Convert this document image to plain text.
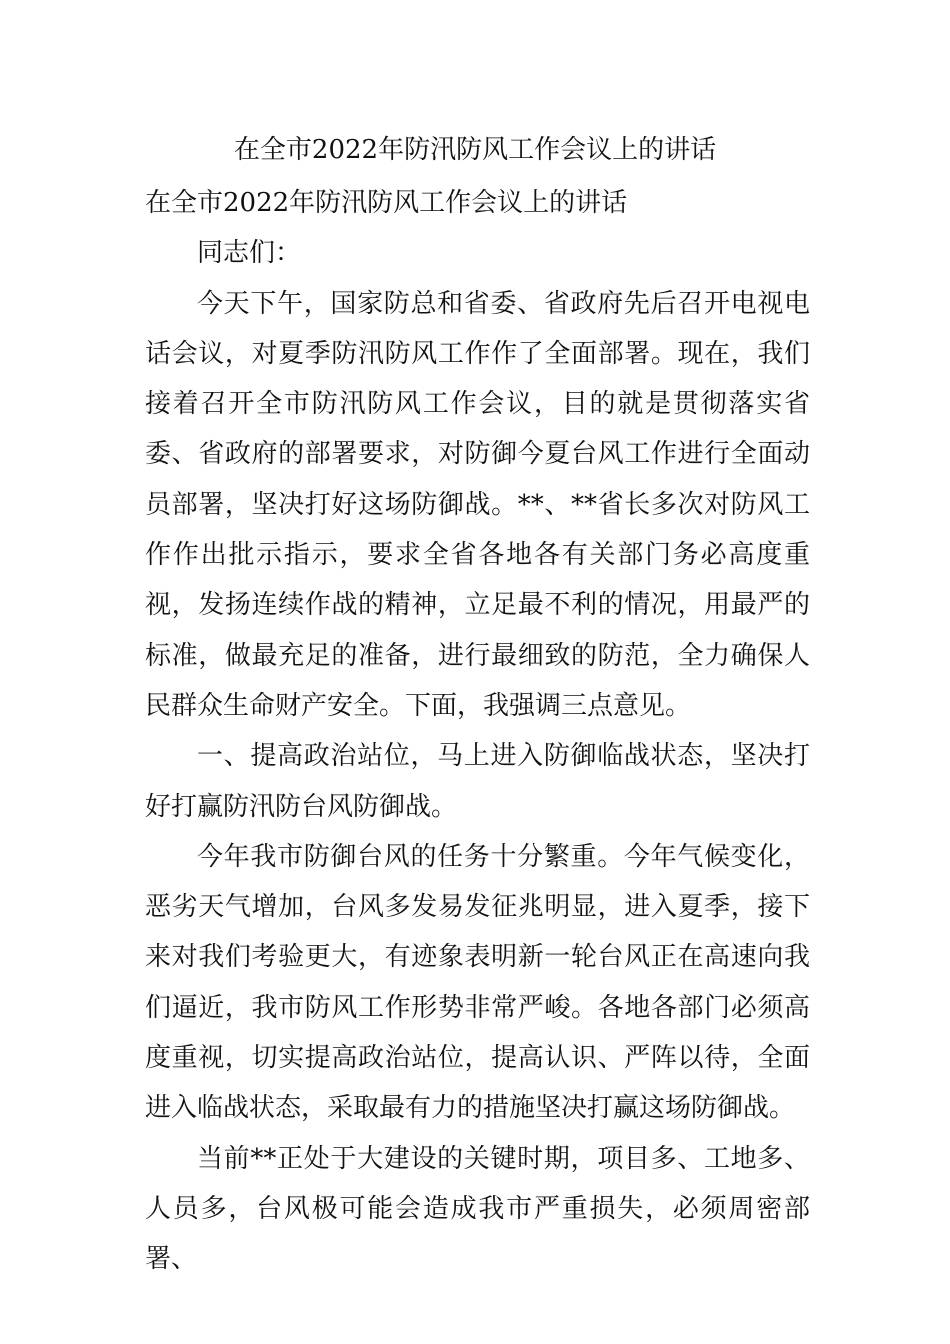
在全市2022年防汛防风工作会议上的讲话

在全市2022年防汛防风工作会议上的讲话

同志们：

今天下午，国家防总和省委、省政府先后召开电视电话会议，对夏季防汛防风工作作了全面部署。现在，我们接着召开全市防汛防风工作会议，目的就是贯彻落实省委、省政府的部署要求，对防御今夏台风工作进行全面动员部署，坚决打好这场防御战。**、**省长多次对防风工作作出批示指示，要求全省各地各有关部门务必高度重视，发扬连续作战的精神，立足最不利的情况，用最严的标准，做最充足的准备，进行最细致的防范，全力确保人民群众生命财产安全。下面，我强调三点意见。

一、提高政治站位，马上进入防御临战状态，坚决打好打赢防汛防台风防御战。

今年我市防御台风的任务十分繁重。今年气候变化，恶劣天气增加，台风多发易发征兆明显，进入夏季，接下来对我们考验更大，有迹象表明新一轮台风正在高速向我们逼近，我市防风工作形势非常严峻。各地各部门必须高度重视，切实提高政治站位，提高认识、严阵以待，全面进入临战状态，采取最有力的措施坚决打赢这场防御战。

当前**正处于大建设的关键时期，项目多、工地多、人员多，台风极可能会造成我市严重损失，必须周密部署、
